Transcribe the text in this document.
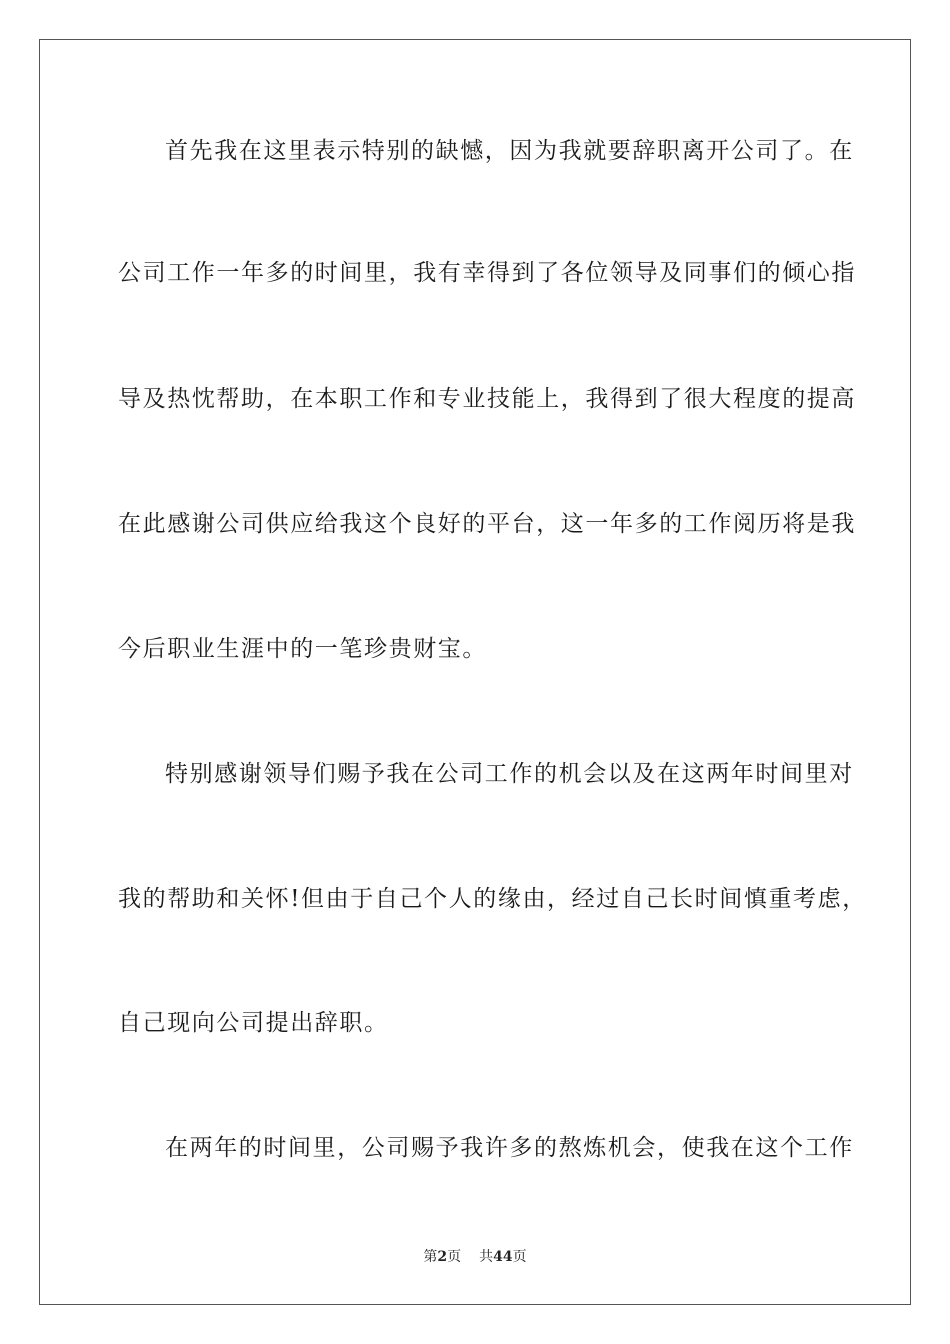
首先我在这里表示特别的缺憾，因为我就要辞职离开公司了。在
公司工作一年多的时间里，我有幸得到了各位领导及同事们的倾心指
导及热忱帮助，在本职工作和专业技能上，我得到了很大程度的提高
在此感谢公司供应给我这个良好的平台，这一年多的工作阅历将是我
今后职业生涯中的一笔珍贵财宝。
特别感谢领导们赐予我在公司工作的机会以及在这两年时间里对
我的帮助和关怀!但由于自己个人的缘由，经过自己长时间慎重考虑，
自己现向公司提出辞职。
在两年的时间里，公司赐予我许多的熬炼机会，使我在这个工作
第2页 共44页
